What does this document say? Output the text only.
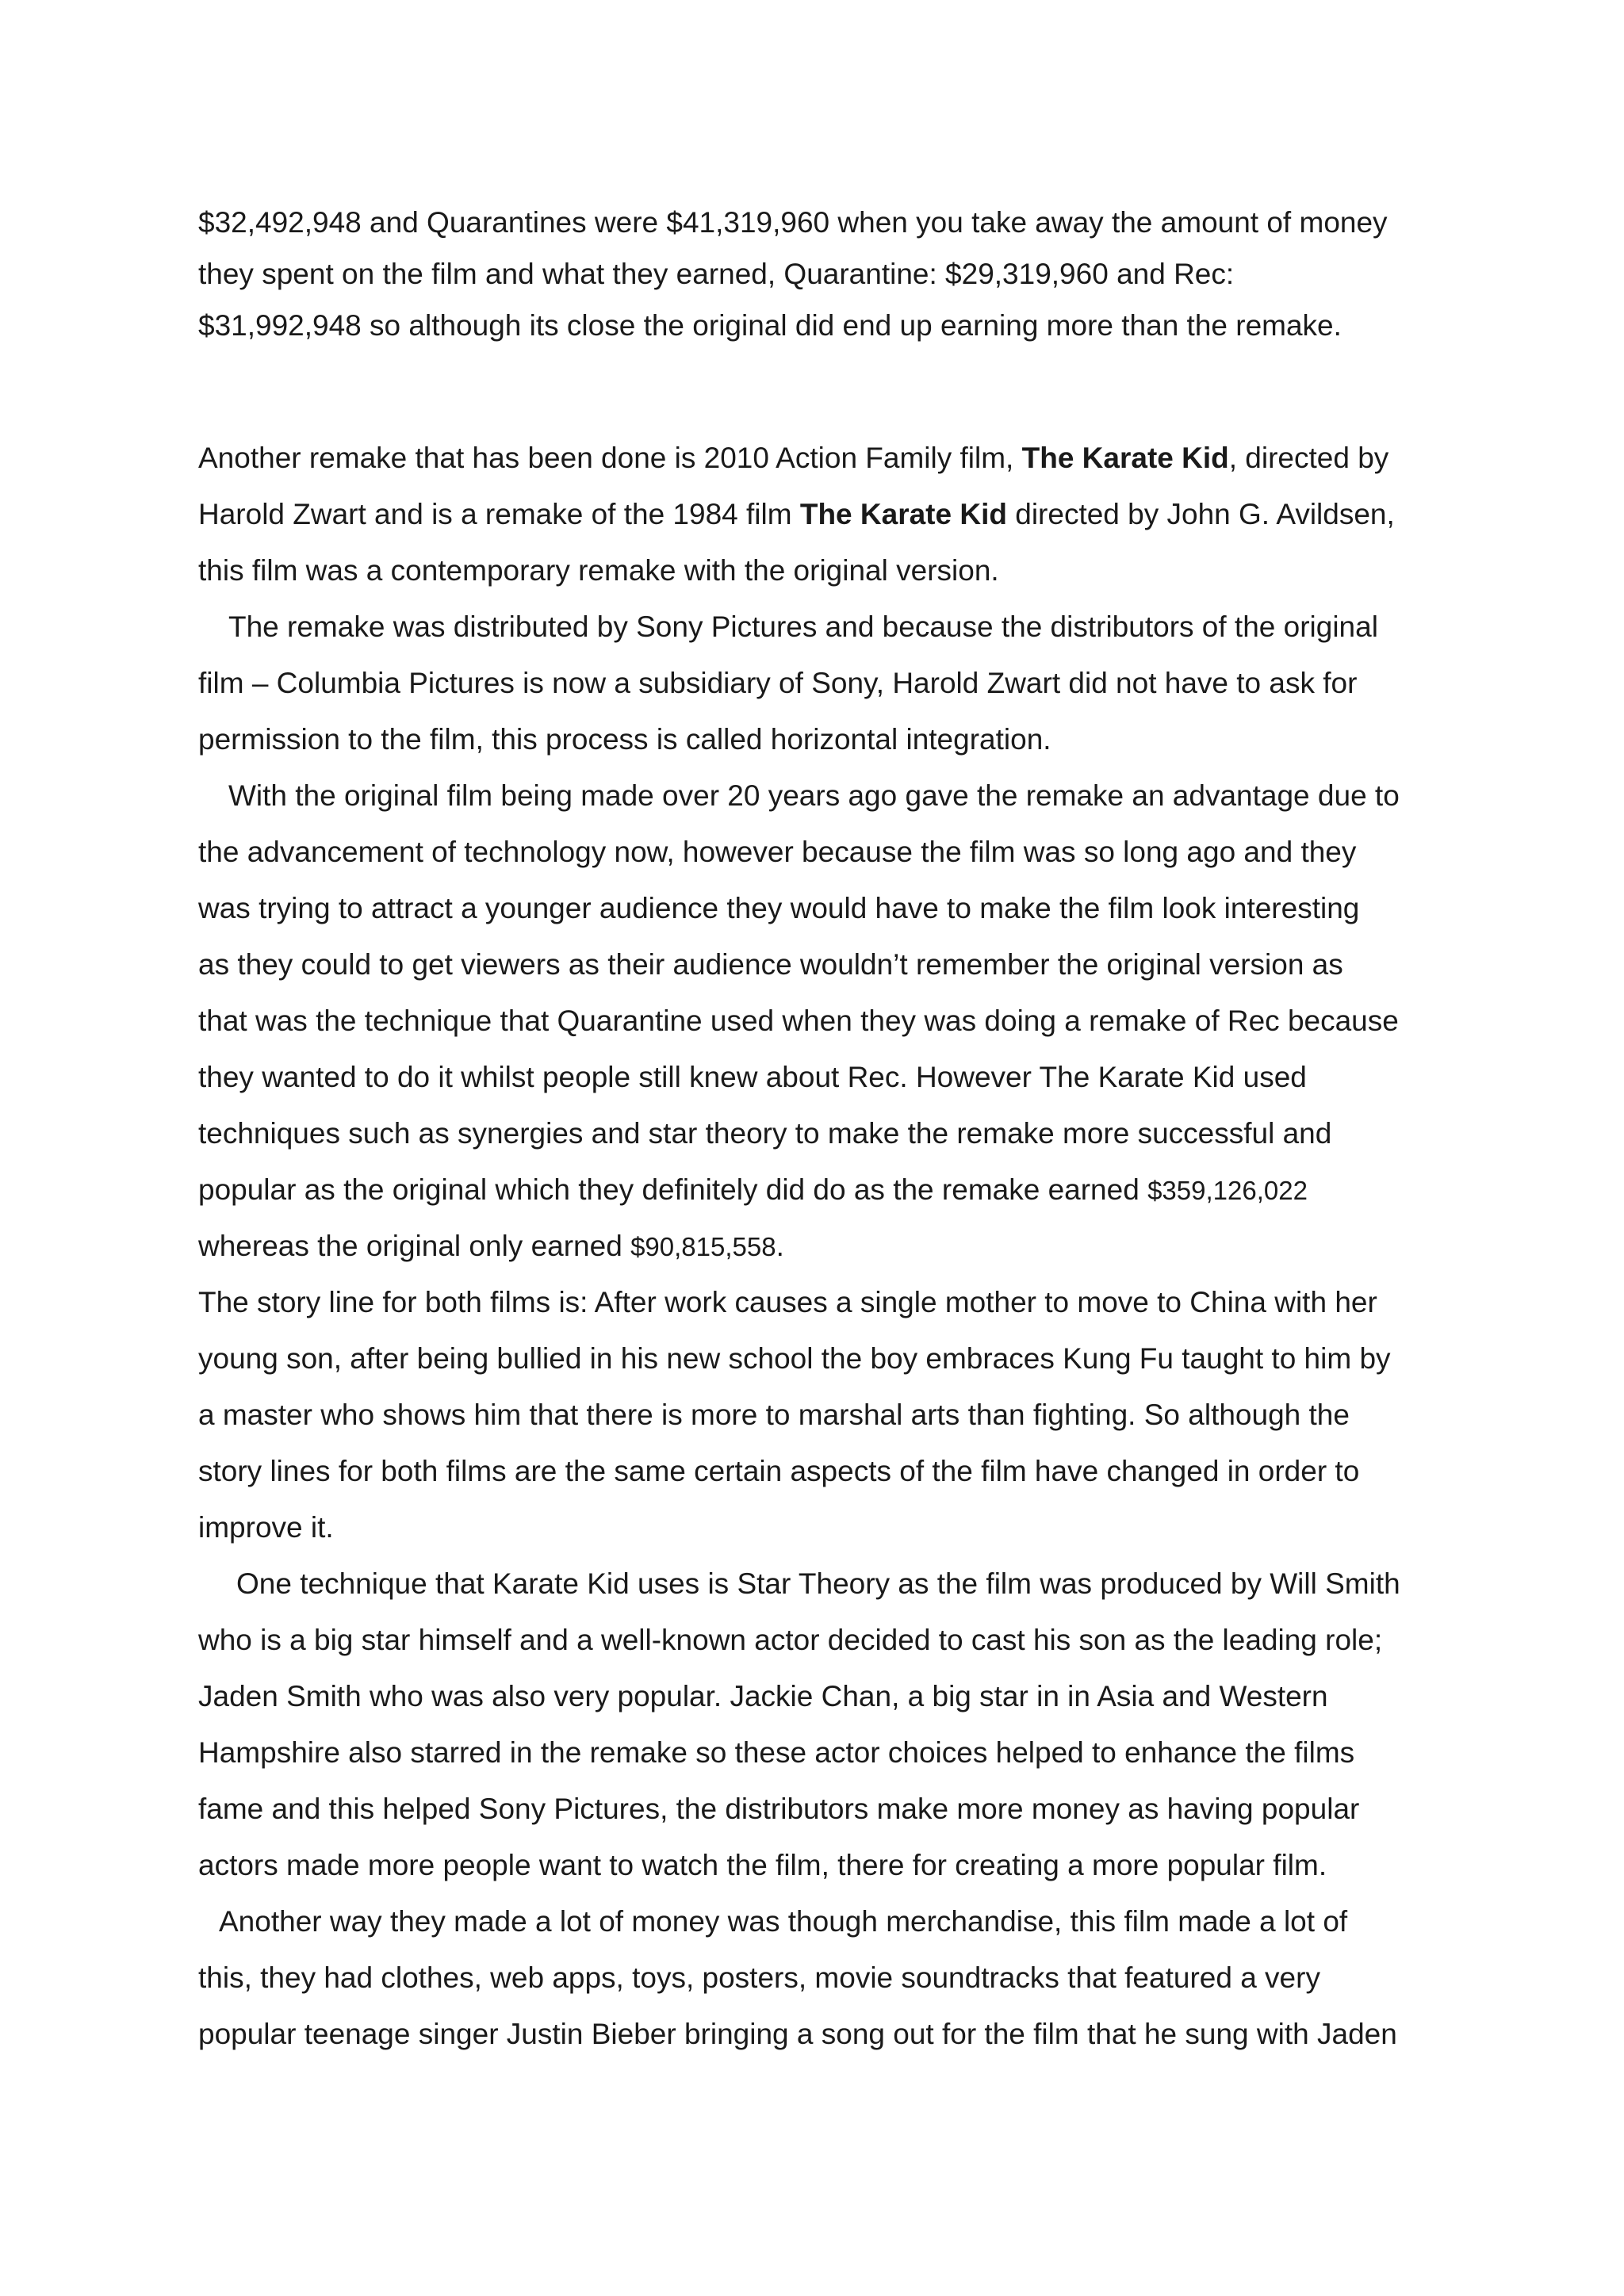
$32,492,948 and Quarantines were $41,319,960 when you take away the amount of money
they spent on the film and what they earned, Quarantine: $29,319,960 and Rec:
$31,992,948 so although its close the original did end up earning more than the remake.
Another remake that has been done is 2010 Action Family film, The Karate Kid, directed by
Harold Zwart and is a remake of the 1984 film The Karate Kid directed by John G. Avildsen,
this film was a contemporary remake with the original version.
The remake was distributed by Sony Pictures and because the distributors of the original
film – Columbia Pictures is now a subsidiary of Sony, Harold Zwart did not have to ask for
permission to the film, this process is called horizontal integration.
With the original film being made over 20 years ago gave the remake an advantage due to
the advancement of technology now, however because the film was so long ago and they
was trying to attract a younger audience they would have to make the film look interesting
as they could to get viewers as their audience wouldn’t remember the original version as
that was the technique that Quarantine used when they was doing a remake of Rec because
they wanted to do it whilst people still knew about Rec. However The Karate Kid used
techniques such as synergies and star theory to make the remake more successful and
popular as the original which they definitely did do as the remake earned $359,126,022
whereas the original only earned $90,815,558.
The story line for both films is: After work causes a single mother to move to China with her
young son, after being bullied in his new school the boy embraces Kung Fu taught to him by
a master who shows him that there is more to marshal arts than fighting. So although the
story lines for both films are the same certain aspects of the film have changed in order to
improve it.
One technique that Karate Kid uses is Star Theory as the film was produced by Will Smith
who is a big star himself and a well-known actor decided to cast his son as the leading role;
Jaden Smith who was also very popular. Jackie Chan, a big star in in Asia and Western
Hampshire also starred in the remake so these actor choices helped to enhance the films
fame and this helped Sony Pictures, the distributors make more money as having popular
actors made more people want to watch the film, there for creating a more popular film.
Another way they made a lot of money was though merchandise, this film made a lot of
this, they had clothes, web apps, toys, posters, movie soundtracks that featured a very
popular teenage singer Justin Bieber bringing a song out for the film that he sung with Jaden
